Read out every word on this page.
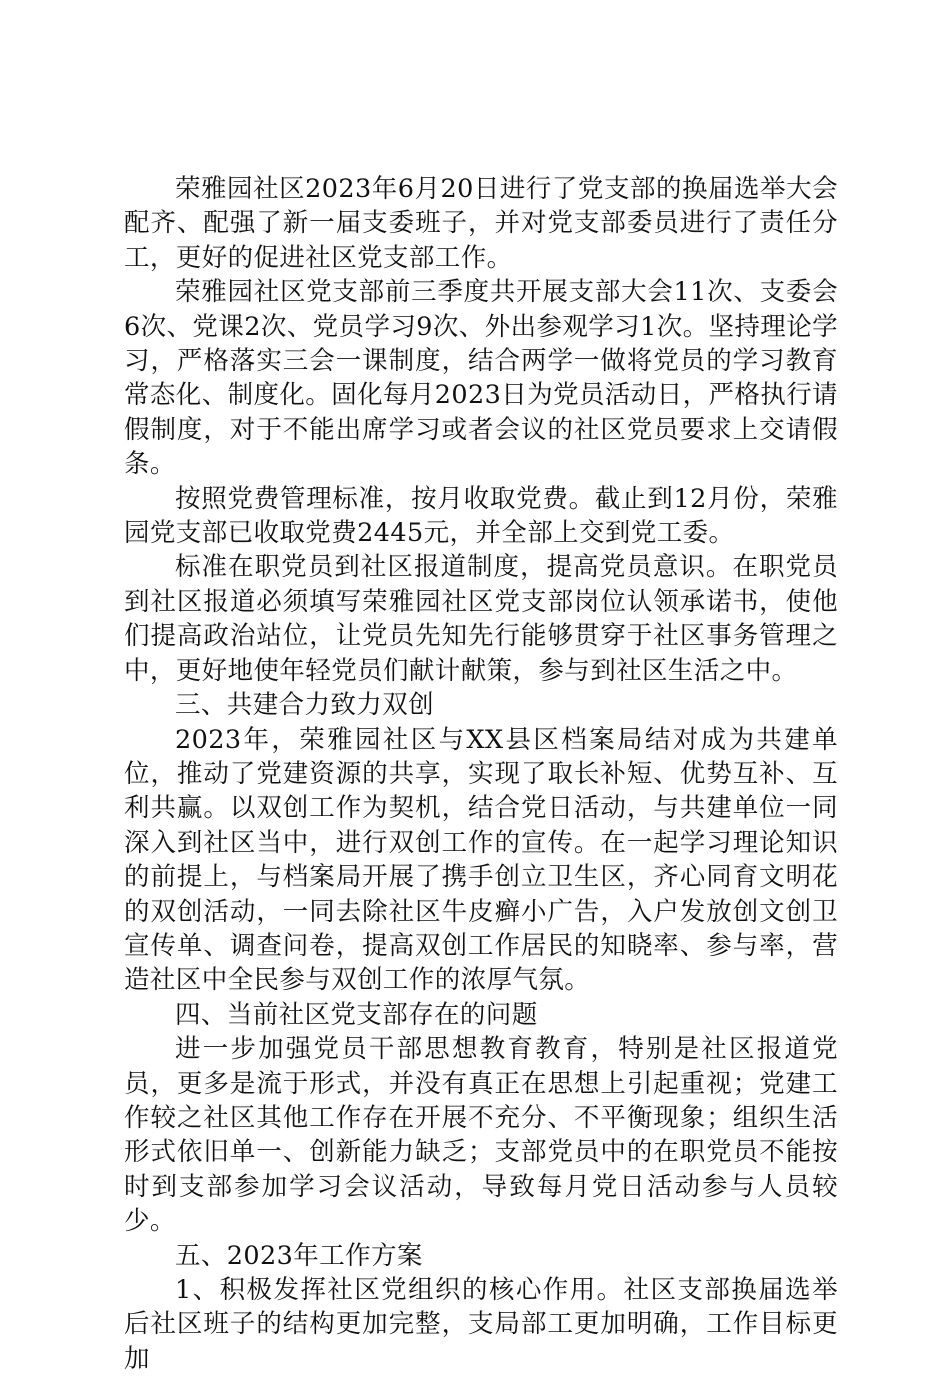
荣雅园社区2023年6月20日进行了党支部的换届选举大会配齐、配强了新一届支委班子，并对党支部委员进行了责任分工，更好的促进社区党支部工作。

荣雅园社区党支部前三季度共开展支部大会11次、支委会6次、党课2次、党员学习9次、外出参观学习1次。坚持理论学习，严格落实三会一课制度，结合两学一做将党员的学习教育常态化、制度化。固化每月2023日为党员活动日，严格执行请假制度，对于不能出席学习或者会议的社区党员要求上交请假条。

按照党费管理标准，按月收取党费。截止到12月份，荣雅园党支部已收取党费2445元，并全部上交到党工委。

标准在职党员到社区报道制度，提高党员意识。在职党员到社区报道必须填写荣雅园社区党支部岗位认领承诺书，使他们提高政治站位，让党员先知先行能够贯穿于社区事务管理之中，更好地使年轻党员们献计献策，参与到社区生活之中。

三、共建合力致力双创

2023年，荣雅园社区与XX县区档案局结对成为共建单位，推动了党建资源的共享，实现了取长补短、优势互补、互利共赢。以双创工作为契机，结合党日活动，与共建单位一同深入到社区当中，进行双创工作的宣传。在一起学习理论知识的前提上，与档案局开展了携手创立卫生区，齐心同育文明花的双创活动，一同去除社区牛皮癣小广告，入户发放创文创卫宣传单、调查问卷，提高双创工作居民的知晓率、参与率，营造社区中全民参与双创工作的浓厚气氛。

四、当前社区党支部存在的问题

进一步加强党员干部思想教育教育，特别是社区报道党员，更多是流于形式，并没有真正在思想上引起重视；党建工作较之社区其他工作存在开展不充分、不平衡现象；组织生活形式依旧单一、创新能力缺乏；支部党员中的在职党员不能按时到支部参加学习会议活动，导致每月党日活动参与人员较少。

五、2023年工作方案

1、积极发挥社区党组织的核心作用。社区支部换届选举后社区班子的结构更加完整，支局部工更加明确，工作目标更加
